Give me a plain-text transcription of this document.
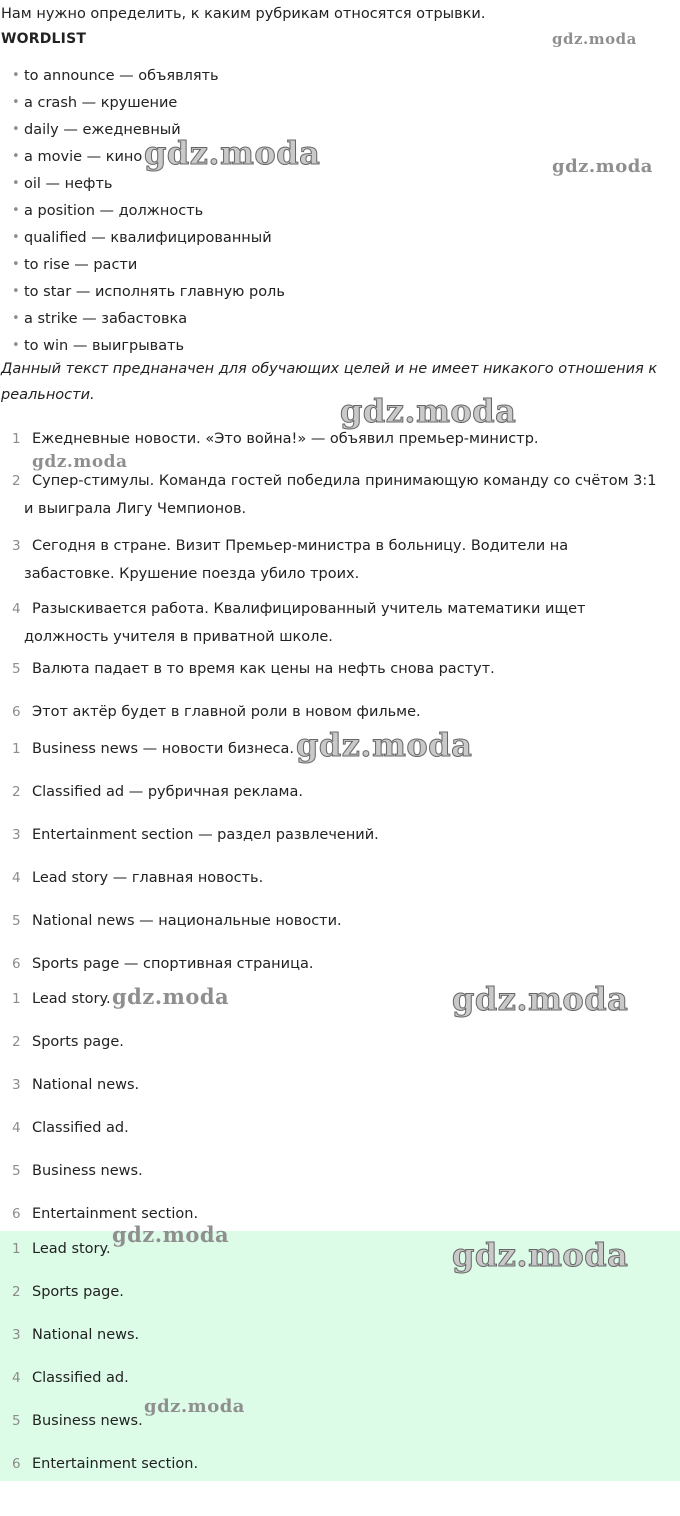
Нам нужно определить, к каким рубрикам относятся отрывки.
WORDLIST
• to announce — объявлять
• a crash — крушение
• daily — ежедневный
• a movie — кино
• oil — нефть
• a position — должность
• qualified — квалифицированный
• to rise — расти
• to star — исполнять главную роль
• a strike — забастовка
• to win — выигрывать
Данный текст преднаначен для обучающих целей и не имеет никакого отношения к реальности.
1 Ежедневные новости. «Это война!» — объявил премьер-министр.
2 Супер-стимулы. Команда гостей победила принимающую команду со счётом 3:1 и выиграла Лигу Чемпионов.
3 Сегодня в стране. Визит Премьер-министра в больницу. Водители на забастовке. Крушение поезда убило троих.
4 Разыскивается работа. Квалифицированный учитель математики ищет должность учителя в приватной школе.
5 Валюта падает в то время как цены на нефть снова растут.
6 Этот актёр будет в главной роли в новом фильме.
1 Business news — новости бизнеса.
2 Classified ad — рубричная реклама.
3 Entertainment section — раздел развлечений.
4 Lead story — главная новость.
5 National news — национальные новости.
6 Sports page — спортивная страница.
1 Lead story.
2 Sports page.
3 National news.
4 Classified ad.
5 Business news.
6 Entertainment section.
1 Lead story.
2 Sports page.
3 National news.
4 Classified ad.
5 Business news.
6 Entertainment section.
gdz.moda
gdz.moda	gdz.moda
gdz.moda
gdz.moda
gdz.moda
gdz.moda	gdz.moda
gdz.moda
gdz.moda
gdz.moda
